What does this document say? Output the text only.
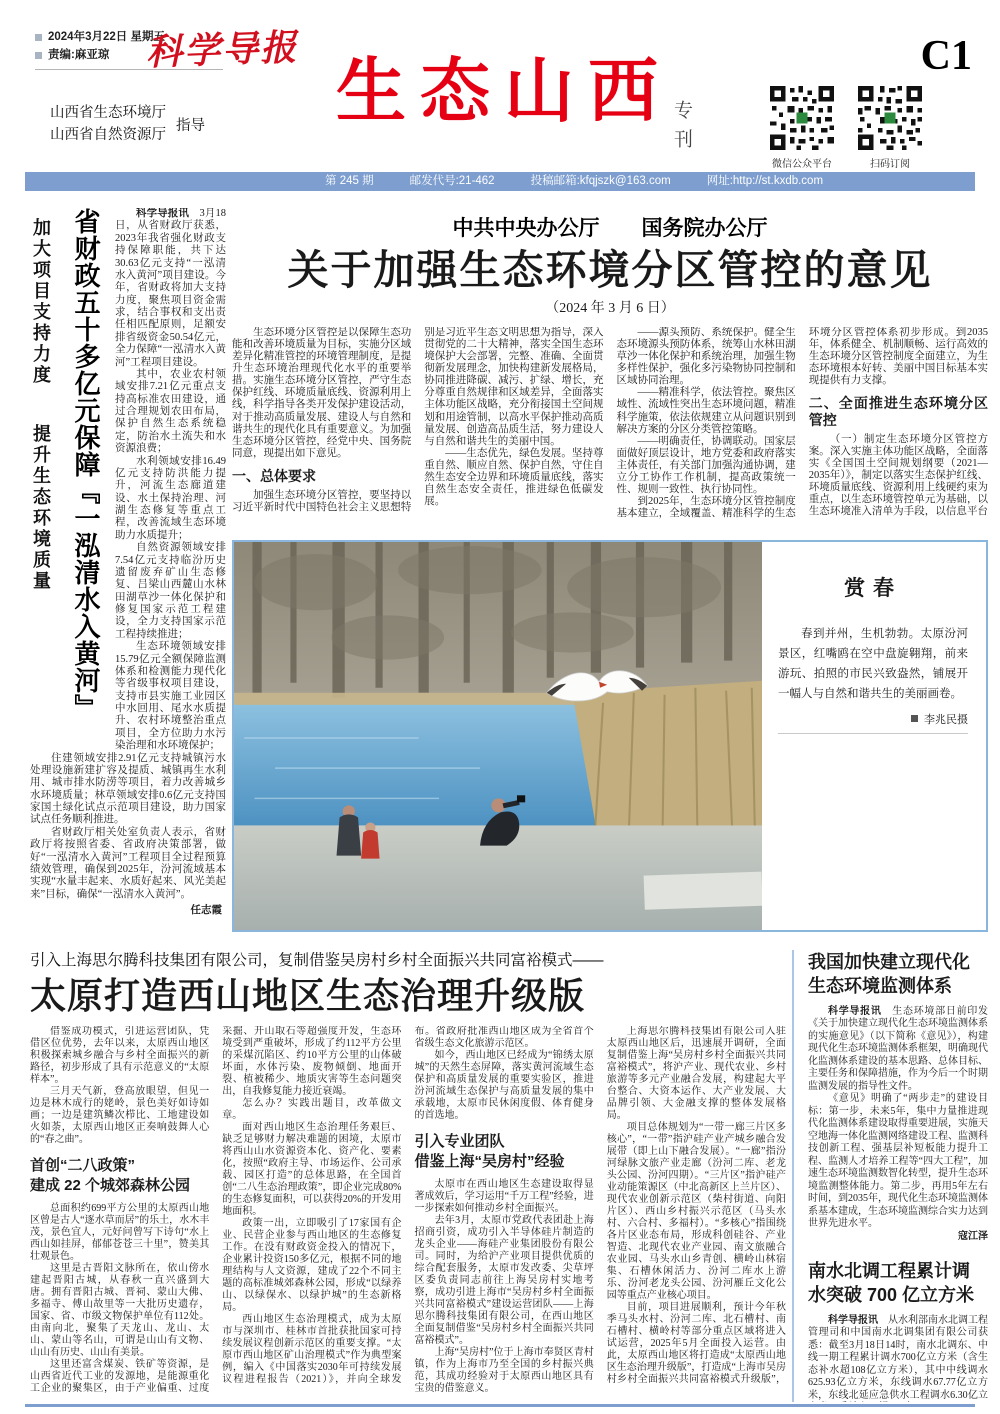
2024年3月22日 星期五
责编:麻亚琼 科学导报
山西省生态环境厅
山西省自然资源厅
指导 生态山西 专刊
微信公众平台	扫码订阅
C1
第 245 期	邮发代号:21-462	投稿邮箱:kfqjszk@163.com	网址:http://st.kxdb.com
加大项目支持力度
提升生态环境质量 省财政五十多亿元保障『一泓清水入黄河』	科学导报讯　3月18日，从省财政厅获悉，2023年我省强化财政支持保障职能，共下达30.63亿元支持“一泓清水入黄河”项目建设。今年，省财政将加大支持力度，聚焦项目资金需求，结合事权和支出责任相匹配原则，足额安排省级资金50.54亿元，全力保障“一泓清水入黄河”工程项目建设。

其中，农业农村领域安排7.21亿元重点支持高标准农田建设，通过合理规划农田布局，保护自然生态系统稳定，防治水土流失和水资源浪费；

水利领域安排16.49亿元支持防洪能力提升，河流生态廊道建设、水土保持治理、河湖生态修复等重点工程，改善流域生态环境助力水质提升；

自然资源领域安排7.54亿元支持临汾历史遗留废弃矿山生态修复、吕梁山西麓山水林田湖草沙一体化保护和修复国家示范工程建设，全力支持国家示范工程持续推进；

生态环境领域安排15.79亿元全额保障监测体系和检测能力现代化等省级事权项目建设，支持市县实施工业园区中水回用、尾水水质提升、农村环境整治重点项目，全方位助力水污染治理和水环境保护；

住建领域安排2.91亿元支持城镇污水处理设施新建扩容及提质、城镇再生水利用、城市排水防涝等项目，着力改善城乡水环境质量；林草领域安排0.6亿元支持国家国土绿化试点示范项目建设，助力国家试点任务顺利推进。

省财政厅相关处室负责人表示，省财政厅将按照省委、省政府决策部署，做好“一泓清水入黄河”工程项目全过程预算绩效管理，确保到2025年，汾河流域基本实现“水量丰起来、水质好起来、风光美起来”目标，确保“一泓清水入黄河”。

任志霞

中共中央办公厅　　国务院办公厅
关于加强生态环境分区管控的意见
（2024 年 3 月 6 日）

生态环境分区管控是以保障生态功能和改善环境质量为目标，实施分区域差异化精准管控的环境管理制度，是提升生态环境治理现代化水平的重要举措。实施生态环境分区管控，严守生态保护红线、环境质量底线、资源利用上线，科学指导各类开发保护建设活动，对于推动高质量发展、建设人与自然和谐共生的现代化具有重要意义。为加强生态环境分区管控，经党中央、国务院同意，现提出如下意见。

一、总体要求

加强生态环境分区管控，要坚持以习近平新时代中国特色社会主义思想特别是习近平生态文明思想为指导，深入贯彻党的二十大精神，落实全国生态环境保护大会部署，完整、准确、全面贯彻新发展理念，加快构建新发展格局，协同推进降碳、减污、扩绿、增长，充分尊重自然规律和区域差异，全面落实主体功能区战略，充分衔接国土空间规划和用途管制，以高水平保护推动高质量发展、创造高品质生活，努力建设人与自然和谐共生的美丽中国。

——生态优先，绿色发展。坚持尊重自然、顺应自然、保护自然，守住自然生态安全边界和环境质量底线，落实自然生态安全责任，推进绿色低碳发展。

——源头预防、系统保护。健全生态环境源头预防体系，统筹山水林田湖草沙一体化保护和系统治理，加强生物多样性保护，强化多污染物协同控制和区域协同治理。

——精准科学，依法管控。聚焦区域性、流域性突出生态环境问题，精准科学施策，依法依规建立从问题识别到解决方案的分区分类管控策略。

——明确责任，协调联动。国家层面做好顶层设计，地方党委和政府落实主体责任，有关部门加强沟通协调，建立分工协作工作机制，提高政策统一性、规则一致性、执行协同性。

到2025年，生态环境分区管控制度基本建立，全域覆盖、精准科学的生态环境分区管控体系初步形成。到2035年，体系健全、机制顺畅、运行高效的生态环境分区管控制度全面建立，为生态环境根本好转、美丽中国目标基本实现提供有力支撑。

二、全面推进生态环境分区管控

（一）制定生态环境分区管控方案。深入实施主体功能区战略，全面落实《全国国土空间规划纲要（2021—2035年）》，制定以落实生态保护红线、环境质量底线、资源利用上线硬约束为重点，以生态环境管控单元为基础，以生态环境准入清单为手段，以信息平台

赏春

春到并州，生机勃勃。太原汾河景区，红嘴鸥在空中盘旋翱翔，前来游玩、拍照的市民兴致盎然，铺展开一幅人与自然和谐共生的美丽画卷。

李兆民摄
引入上海思尔腾科技集团有限公司，复制借鉴吴房村乡村全面振兴共同富裕模式——
太原打造西山地区生态治理升级版

借鉴成功模式，引进运营团队，凭借区位优势，去年以来，太原西山地区积极探索城乡融合与乡村全面振兴的新路径，初步形成了具有示范意义的“太原样本”。

三月天气新，登高放眼望，但见一边是林木成行的姥岭，景色美好如诗如画；一边是建筑鳞次栉比、工地建设如火如荼，太原西山地区正奏响鼓舞人心的“春之曲”。

首创“二八政策”
建成 22 个城郊森林公园

总面积约699平方公里的太原西山地区曾是古人“逐水草而居”的乐土，水木丰茂，景色宜人，元好问曾写下诗句“水上西山如挂屏，郁郁苍苍三十里”，赞美其壮观景色。

这里是古晋阳文脉所在，依山傍水建起晋阳古城，从春秋一直兴盛到大唐。拥有晋阳古城、晋祠、蒙山大佛、多福寺、傅山故里等一大批历史遗存，国家、省、市级文物保护单位有112处。由南向北，聚集了天龙山、龙山、太山、蒙山等名山，可谓是山山有文物、山山有历史、山山有美景。

这里还富含煤炭、铁矿等资源，是山西省近代工业的发源地，是能源重化工企业的聚集区，由于产业偏重、过度采掘、开山取石等超强度开发，生态环境受到严重破坏，形成了约112平方公里的采煤沉陷区、约10平方公里的山体破坏面，水体污染、废物倾倒、地面开裂、植被稀少、地质灾害等生态问题突出，自我修复能力接近衰竭。

怎么办？实践出题目，改革做文章。

面对西山地区生态治理任务艰巨、缺乏足够财力解决难题的困境，太原市将西山山水资源资本化、资产化、要素化，按照“政府主导、市场运作、公司承载、园区打造”的总体思路，在全国首创“二八生态治理政策”，即企业完成80%的生态修复面积，可以获得20%的开发用地面积。

政策一出，立即吸引了17家国有企业、民营企业参与西山地区的生态修复工作。在没有财政资金投入的情况下，企业累计投资150多亿元，根据不同的地理结构与人文资源，建成了22个不同主题的高标准城郊森林公园，形成“以绿养山、以绿保水、以绿护城”的生态新格局。

西山地区生态治理模式，成为太原市与深圳市、桂林市首批获批国家可持续发展议程创新示范区的重要支撑。“太原市西山地区矿山治理模式”作为典型案例，编入《中国落实2030年可持续发展议程进程报告（2021）》，并向全球发布。省政府批准西山地区成为全省首个省级生态文化旅游示范区。

如今，西山地区已经成为“锦绣太原城”的天然生态屏障，落实黄河流域生态保护和高质量发展的重要实验区，推进汾河流域生态保护与高质量发展的集中承载地，太原市民休闲度假、体育健身的首选地。

引入专业团队
借鉴上海“吴房村”经验

太原市在西山地区生态建设取得显著成效后，学习运用“千万工程”经验，进一步探索如何推动乡村全面振兴。

去年3月，太原市党政代表团赴上海招商引资，成功引入半导体硅片制造的龙头企业——海硅产业集团股份有限公司。同时，为给沪产业项目提供优质的综合配套服务，太原市发改委、尖草坪区委负责同志前往上海吴房村实地考察，成功引进上海市“吴房村乡村全面振兴共同富裕模式”建设运营团队——上海思尔腾科技集团有限公司，在西山地区全面复制借鉴“吴房村乡村全面振兴共同富裕模式”。

上海“吴房村”位于上海市奉贤区青村镇，作为上海市乃至全国的乡村振兴典范，其成功经验对于太原西山地区具有宝贵的借鉴意义。

上海思尔腾科技集团有限公司入驻太原西山地区后，迅速展开调研，全面复制借鉴上海“吴房村乡村全面振兴共同富裕模式”，将沪产业、现代农业、乡村旅游等多元产业融合发展，构建起大平台整合、大资本运作、大产业发展、大品牌引领、大金融支撑的整体发展格局。

项目总体规划为“一带一廊三片区多核心”，“一带”指沪硅产业产城乡融合发展带（即上山下融合发展）。“一廊”指汾河绿脉文旅产业走廊（汾河二库、老龙头公园、汾河四期）。“三片区”指沪硅产业动能策源区（中北高新区上兰片区）、现代农业创新示范区（柴村街道、向阳片区）、西山乡村振兴示范区（马头水村、六合村、多福村）。“多核心”指围绕各片区业态布局，形成科创硅谷、产业智造、北现代农业产业园、南文旅融合农业园、马头水山乡青创、横岭山林宿集、石槽休闲活力、汾河二库水上游乐、汾河老龙头公园、汾河雁丘文化公园等重点产业核心项目。

目前，项目进展顺利，预计今年秋季马头水村、汾河二库、北石槽村、南石槽村、横岭村等部分重点区域将进入试运营，2025年5月全面投入运营。由此，太原西山地区将打造成“太原西山地区生态治理升级版”，打造成“上海市吴房村乡村全面振兴共同富裕模式升级版”，

我国加快建立现代化
生态环境监测体系

科学导报讯　生态环境部日前印发《关于加快建立现代化生态环境监测体系的实施意见》（以下简称《意见》），构建现代化生态环境监测体系框架，明确现代化监测体系建设的基本思路、总体目标、主要任务和保障措施，作为今后一个时期监测发展的指导性文件。

《意见》明确了“两步走”的建设目标：第一步，未来5年，集中力量推进现代化监测体系建设取得重要进展，实施天空地海一体化监测网络建设工程、监测科技创新工程、强基层补短板能力提升工程、监测人才培养工程等“四大工程”，加速生态环境监测数智化转型，提升生态环境监测整体能力。第二步，再用5年左右时间，到2035年，现代化生态环境监测体系基本建成，生态环境监测综合实力达到世界先进水平。

寇江泽

南水北调工程累计调
水突破 700 亿立方米

科学导报讯　从水利部南水北调工程管理司和中国南水北调集团有限公司获悉：截至3月18日14时，南水北调东、中线一期工程累计调水700亿立方米（含生态补水超108亿立方米），其中中线调水625.93亿立方米，东线调水67.77亿立方米，东线北延应急供水工程调水6.30亿立
